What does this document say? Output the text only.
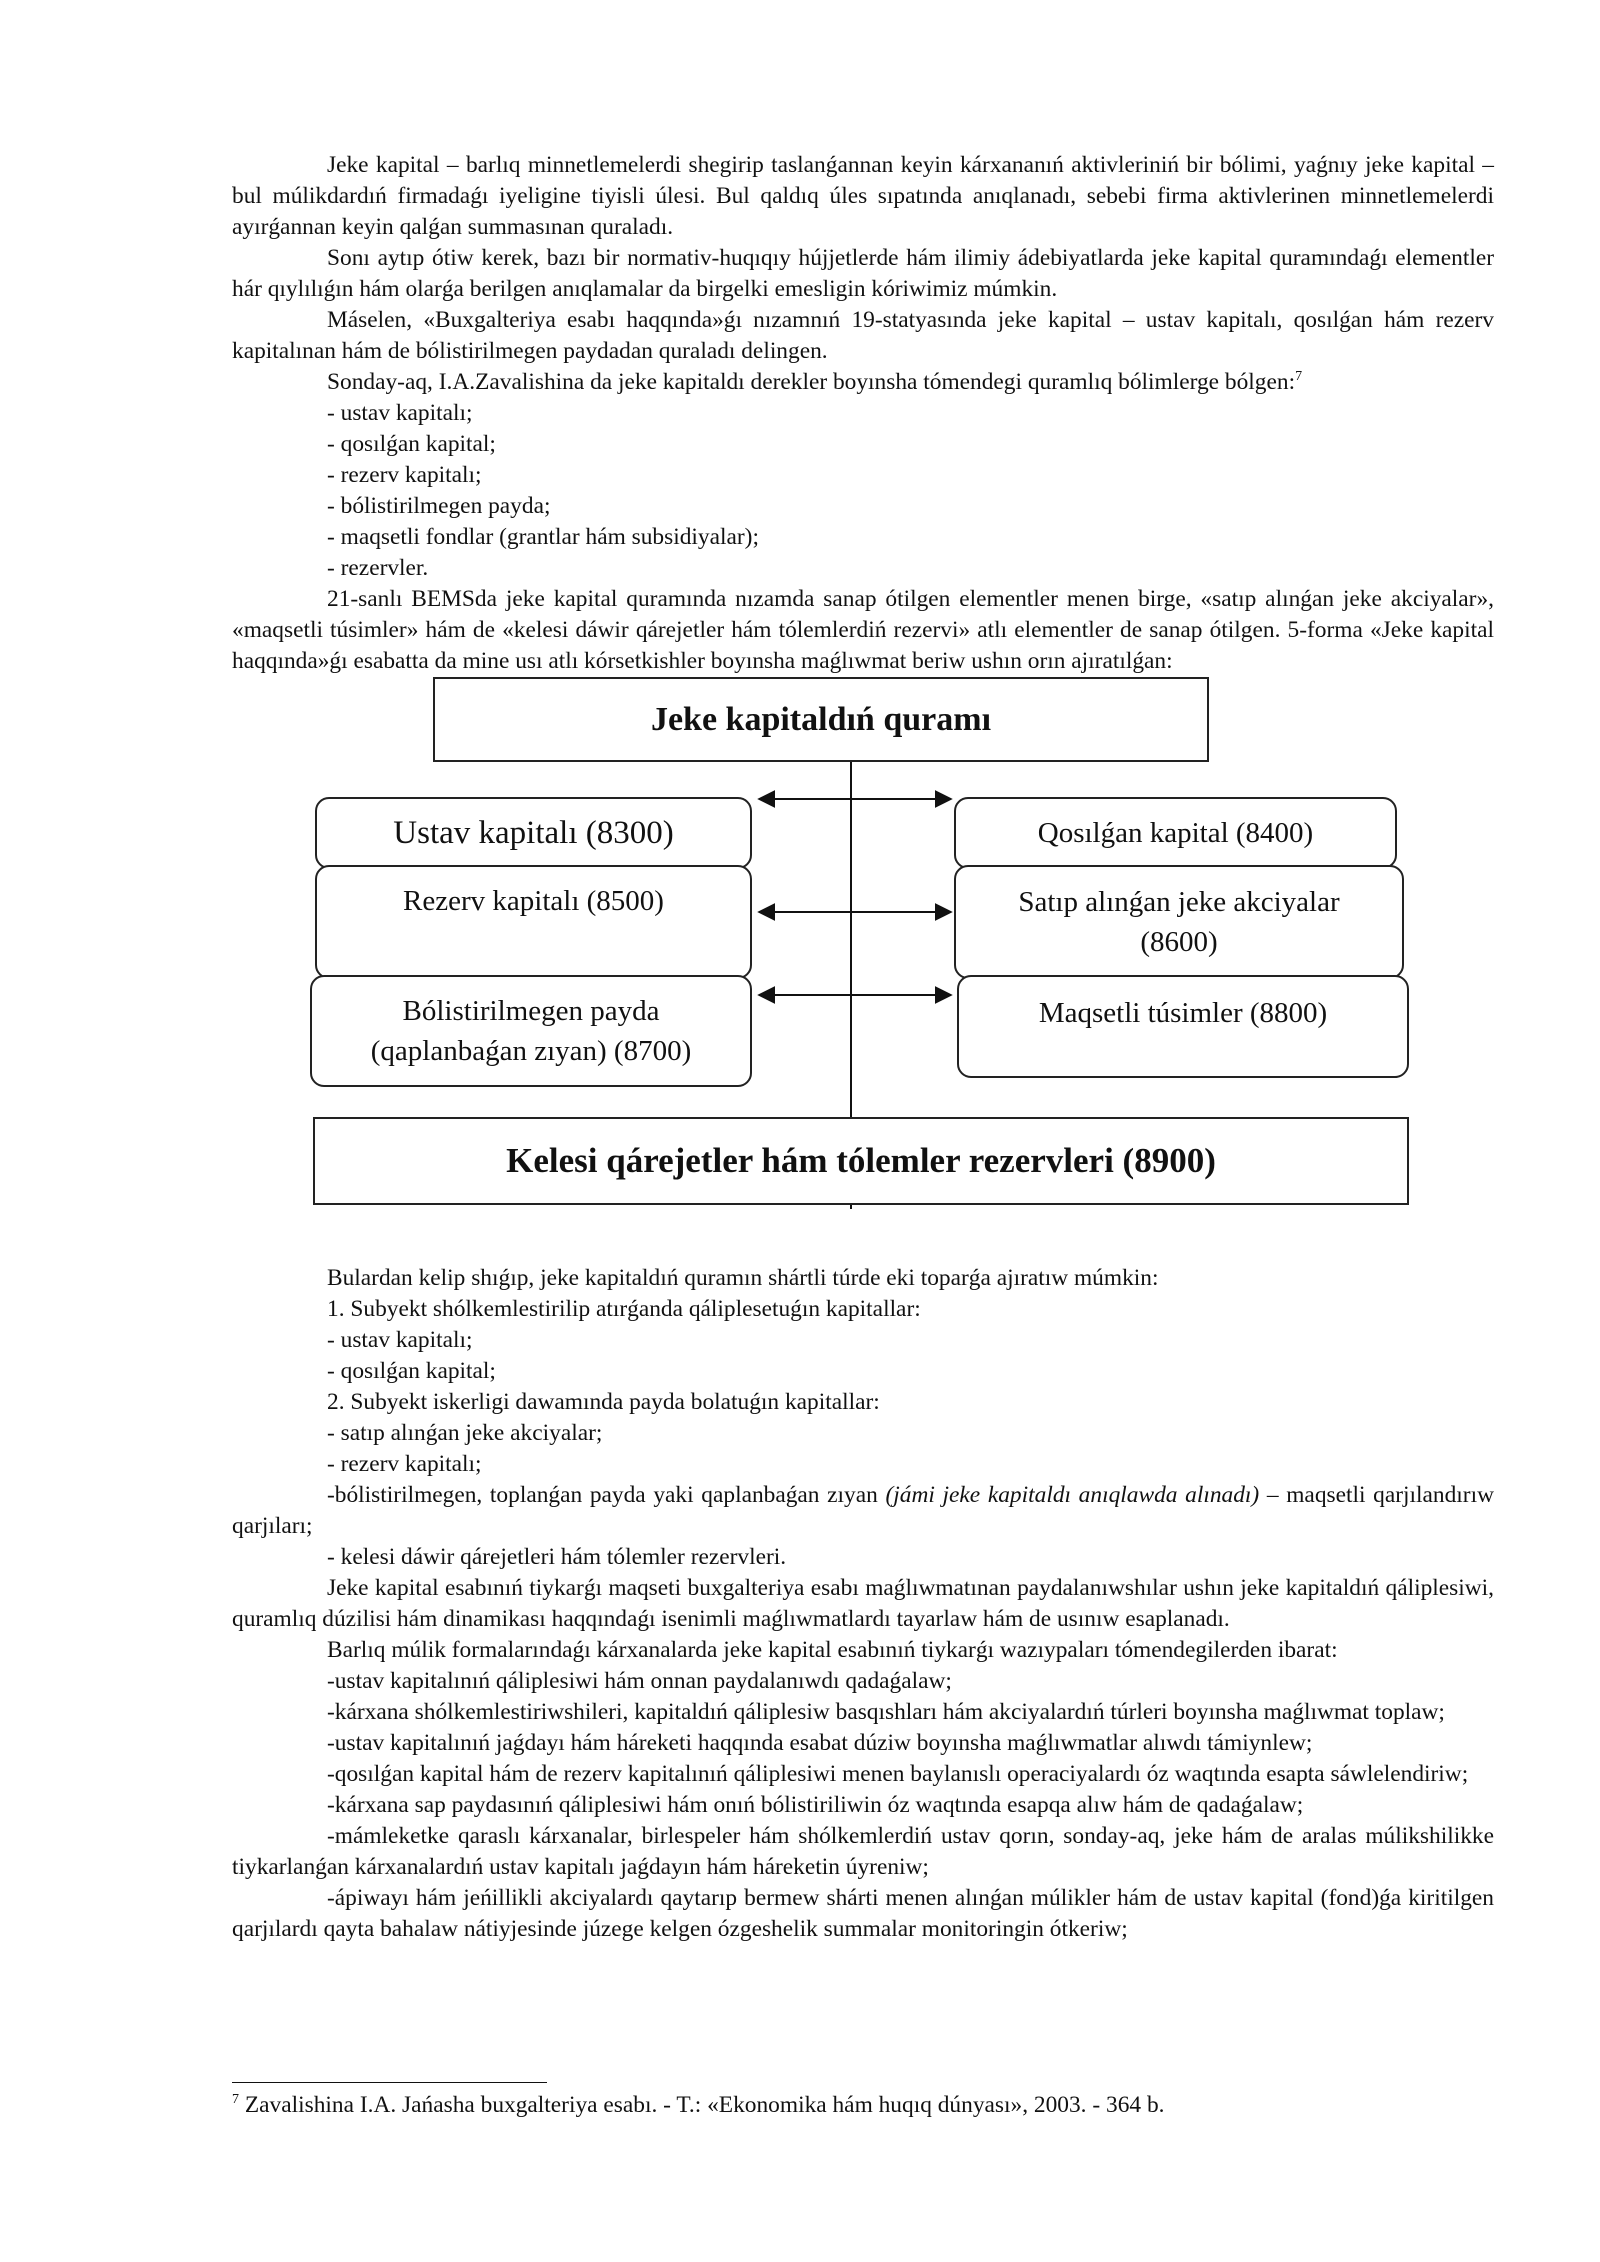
Jeke kapital – barlıq minnetlemelerdi shegirip taslanǵannan keyin kárxananıń aktivleriniń bir bólimi, yaǵnıy jeke kapital – bul múlikdardıń firmadaǵı iyeligine tiyisli úlesi. Bul qaldıq úles sıpatında anıqlanadı, sebebi firma aktivlerinen minnetlemelerdi ayırǵannan keyin qalǵan summasınan quraladı.

Sonı aytıp ótiw kerek, bazı bir normativ-huqıqıy hújjetlerde hám ilimiy ádebiyatlarda jeke kapital quramındaǵı elementler hár qıylılıǵın hám olarǵa berilgen anıqlamalar da birgelki emesligin kóriwimiz múmkin.

Máselen, «Buxgalteriya esabı haqqında»ǵı nızamnıń 19-statyasında jeke kapital – ustav kapitalı, qosılǵan hám rezerv kapitalınan hám de bólistirilmegen paydadan quraladı delingen.

Sonday-aq, I.A.Zavalishina da jeke kapitaldı derekler boyınsha tómendegi quramlıq bólimlerge bólgen:$^7$

- ustav kapitalı;

- qosılǵan kapital;

- rezerv kapitalı;

- bólistirilmegen payda;

- maqsetli fondlar (grantlar hám subsidiyalar);

- rezervler.

21-sanlı BEMSda jeke kapital quramında nızamda sanap ótilgen elementler menen birge, «satıp alınǵan jeke akciyalar», «maqsetli túsimler» hám de «kelesi dáwir qárejetler hám tólemlerdiń rezervi» atlı elementler de sanap ótilgen. 5-forma «Jeke kapital haqqında»ǵı esabatta da mine usı atlı kórsetkishler boyınsha maǵlıwmat beriw ushın orın ajıratılǵan:

Jeke kapitaldıń quramı
Ustav kapitalı (8300)
Rezerv kapitalı (8500)
Bólistirilmegen payda (qaplanbaǵan zıyan) (8700)
Qosılǵan kapital (8400)
Satıp alınǵan jeke akciyalar (8600)
Maqsetli túsimler (8800)
Kelesi qárejetler hám tólemler rezervleri (8900)

Bulardan kelip shıǵıp, jeke kapitaldıń quramın shártli túrde eki toparǵa ajıratıw múmkin:

1. Subyekt shólkemlestirilip atırǵanda qáliplesetuǵın kapitallar:

- ustav kapitalı;

- qosılǵan kapital;

2. Subyekt iskerligi dawamında payda bolatuǵın kapitallar:

- satıp alınǵan jeke akciyalar;

- rezerv kapitalı;

-bólistirilmegen, toplanǵan payda yaki qaplanbaǵan zıyan (jámi jeke kapitaldı anıqlawda alınadı) – maqsetli qarjılandırıw qarjıları;

- kelesi dáwir qárejetleri hám tólemler rezervleri.

Jeke kapital esabınıń tiykarǵı maqseti buxgalteriya esabı maǵlıwmatınan paydalanıwshılar ushın jeke kapitaldıń qáliplesiwi, quramlıq dúzilisi hám dinamikası haqqındaǵı isenimli maǵlıwmatlardı tayarlaw hám de usınıw esaplanadı.

Barlıq múlik formalarındaǵı kárxanalarda jeke kapital esabınıń tiykarǵı wazıypaları tómendegilerden ibarat:

-ustav kapitalınıń qáliplesiwi hám onnan paydalanıwdı qadaǵalaw;

-kárxana shólkemlestiriwshileri, kapitaldıń qáliplesiw basqıshları hám akciyalardıń túrleri boyınsha maǵlıwmat toplaw;

-ustav kapitalınıń jaǵdayı hám háreketi haqqında esabat dúziw boyınsha maǵlıwmatlar alıwdı támiynlew;

-qosılǵan kapital hám de rezerv kapitalınıń qáliplesiwi menen baylanıslı operaciyalardı óz waqtında esapta sáwlelendiriw;

-kárxana sap paydasınıń qáliplesiwi hám onıń bólistiriliwin óz waqtında esapqa alıw hám de qadaǵalaw;

-mámleketke qaraslı kárxanalar, birlespeler hám shólkemlerdiń ustav qorın, sonday-aq, jeke hám de aralas múlikshilikke tiykarlanǵan kárxanalardıń ustav kapitalı jaǵdayın hám háreketin úyreniw;

-ápiwayı hám jeńillikli akciyalardı qaytarıp bermew shárti menen alınǵan múlikler hám de ustav kapital (fond)ǵa kiritilgen qarjılardı qayta bahalaw nátiyjesinde júzege kelgen ózgeshelik summalar monitoringin ótkeriw;

$^7$ Zavalishina I.A. Jańasha buxgalteriya esabı. - T.: «Ekonomika hám huqıq dúnyası», 2003. - 364 b.
